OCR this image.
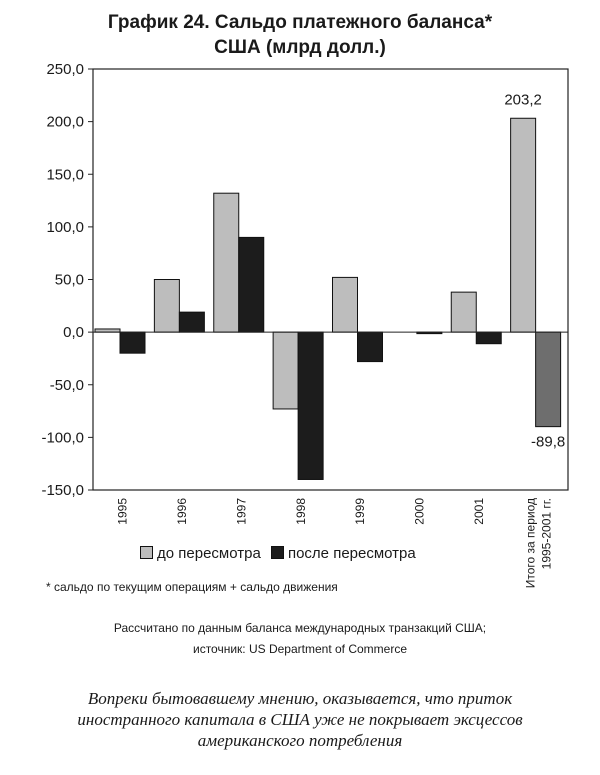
График 24. Сальдо платежного баланса*
США (млрд долл.)
250,0
200,0
150,0
100,0
50,0
0,0
-50,0
-100,0
-150,0
1995	1996	1997	1998	1999	2000	2001	Итого за период 1995-2001 гг.
203,2
-89,8
до пересмотра после пересмотра
* сальдо по текущим операциям + сальдо движения
Рассчитано по данным баланса международных транзакций США;
источник: US Department of Commerce
Вопреки бытовавшему мнению, оказывается, что приток
иностранного капитала в США уже не покрывает эксцессов
американского потребления
